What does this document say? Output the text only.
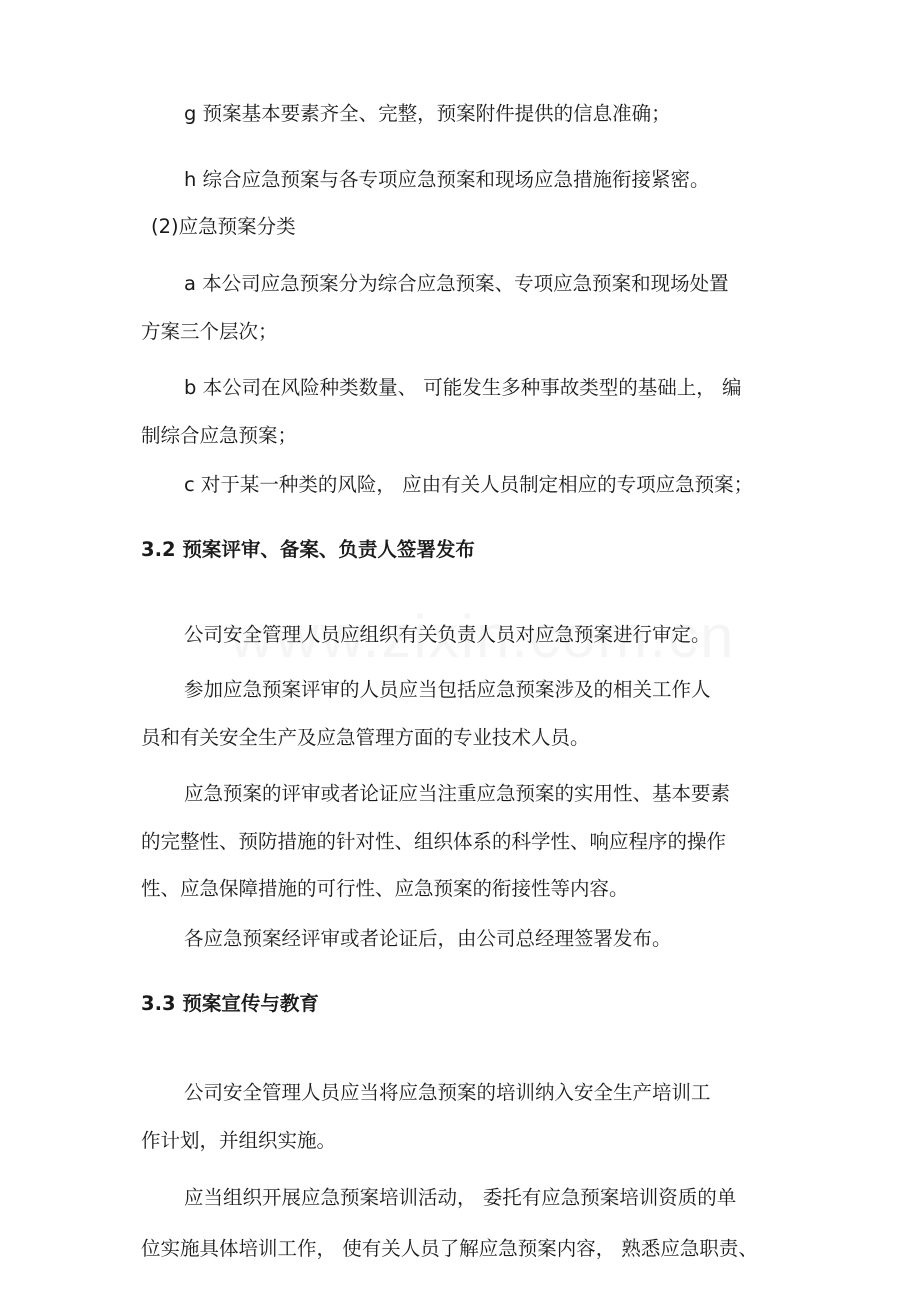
g 预案基本要素齐全、完整，预案附件提供的信息准确；

h 综合应急预案与各专项应急预案和现场应急措施衔接紧密。

(2)应急预案分类

a 本公司应急预案分为综合应急预案、专项应急预案和现场处置

方案三个层次；

b 本公司在风险种类数量、 可能发生多种事故类型的基础上， 编

制综合应急预案；

c 对于某一种类的风险， 应由有关人员制定相应的专项应急预案；

3.2 预案评审、备案、负责人签署发布

公司安全管理人员应组织有关负责人员对应急预案进行审定。

参加应急预案评审的人员应当包括应急预案涉及的相关工作人

员和有关安全生产及应急管理方面的专业技术人员。

应急预案的评审或者论证应当注重应急预案的实用性、基本要素

的完整性、预防措施的针对性、组织体系的科学性、响应程序的操作

性、应急保障措施的可行性、应急预案的衔接性等内容。

各应急预案经评审或者论证后，由公司总经理签署发布。

3.3 预案宣传与教育

公司安全管理人员应当将应急预案的培训纳入安全生产培训工

作计划，并组织实施。

应当组织开展应急预案培训活动， 委托有应急预案培训资质的单

位实施具体培训工作， 使有关人员了解应急预案内容， 熟悉应急职责、
